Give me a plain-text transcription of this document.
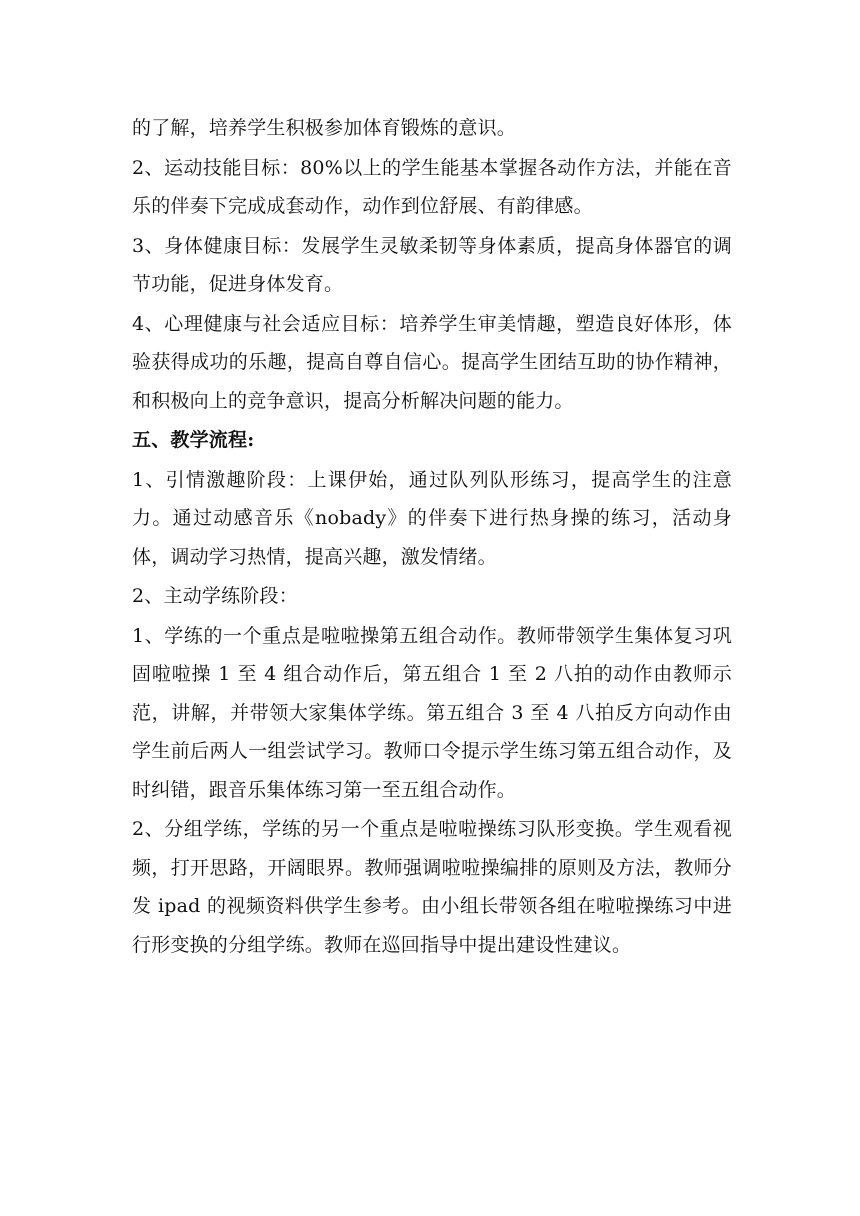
的了解，培养学生积极参加体育锻炼的意识。

2、运动技能目标：80%以上的学生能基本掌握各动作方法，并能在音乐的伴奏下完成成套动作，动作到位舒展、有韵律感。

3、身体健康目标：发展学生灵敏柔韧等身体素质，提高身体器官的调节功能，促进身体发育。

4、心理健康与社会适应目标：培养学生审美情趣，塑造良好体形，体验获得成功的乐趣，提高自尊自信心。提高学生团结互助的协作精神，和积极向上的竞争意识，提高分析解决问题的能力。

五、教学流程:

1、引情激趣阶段：上课伊始，通过队列队形练习，提高学生的注意力。通过动感音乐《nobady》的伴奏下进行热身操的练习，活动身体，调动学习热情，提高兴趣，激发情绪。

2、主动学练阶段：

1、学练的一个重点是啦啦操第五组合动作。教师带领学生集体复习巩固啦啦操 1 至 4 组合动作后，第五组合 1 至 2 八拍的动作由教师示范，讲解，并带领大家集体学练。第五组合 3 至 4 八拍反方向动作由学生前后两人一组尝试学习。教师口令提示学生练习第五组合动作，及时纠错，跟音乐集体练习第一至五组合动作。

2、分组学练，学练的另一个重点是啦啦操练习队形变换。学生观看视频，打开思路，开阔眼界。教师强调啦啦操编排的原则及方法，教师分发 ipad 的视频资料供学生参考。由小组长带领各组在啦啦操练习中进行形变换的分组学练。教师在巡回指导中提出建设性建议。
